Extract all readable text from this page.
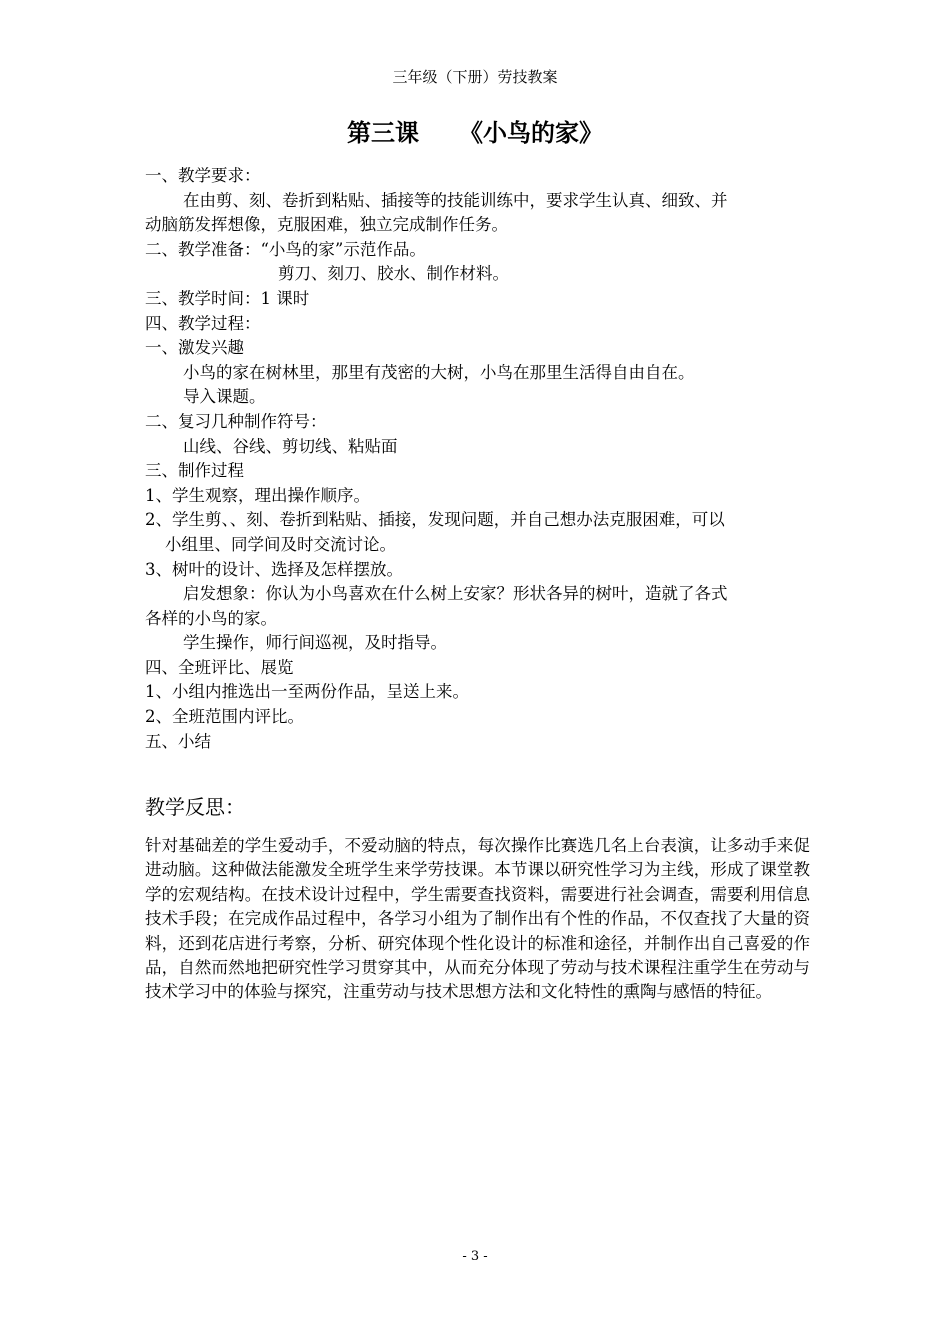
三年级（下册）劳技教案
第三课 《小鸟的家》
一、教学要求：
在由剪、刻、卷折到粘贴、插接等的技能训练中，要求学生认真、细致、并
动脑筋发挥想像，克服困难，独立完成制作任务。
二、教学准备：“小鸟的家”示范作品。
剪刀、刻刀、胶水、制作材料。
三、教学时间：1 课时
四、教学过程：
一、激发兴趣
小鸟的家在树林里，那里有茂密的大树，小鸟在那里生活得自由自在。
导入课题。
二、复习几种制作符号：
山线、谷线、剪切线、粘贴面
三、制作过程
1、学生观察，理出操作顺序。
2、学生剪、、刻、卷折到粘贴、插接，发现问题，并自己想办法克服困难，可以
小组里、同学间及时交流讨论。
3、树叶的设计、选择及怎样摆放。
启发想象：你认为小鸟喜欢在什么树上安家？形状各异的树叶，造就了各式
各样的小鸟的家。
学生操作，师行间巡视，及时指导。
四、全班评比、展览
1、小组内推选出一至两份作品，呈送上来。
2、全班范围内评比。
五、小结
教学反思：
针对基础差的学生爱动手，不爱动脑的特点，每次操作比赛选几名上台表演，让多动手来促进动脑。这种做法能激发全班学生来学劳技课。本节课以研究性学习为主线，形成了课堂教学的宏观结构。在技术设计过程中，学生需要查找资料，需要进行社会调查，需要利用信息技术手段；在完成作品过程中，各学习小组为了制作出有个性的作品，不仅查找了大量的资料，还到花店进行考察，分析、研究体现个性化设计的标准和途径，并制作出自己喜爱的作品，自然而然地把研究性学习贯穿其中，从而充分体现了劳动与技术课程注重学生在劳动与技术学习中的体验与探究，注重劳动与技术思想方法和文化特性的熏陶与感悟的特征。
- 3 -
